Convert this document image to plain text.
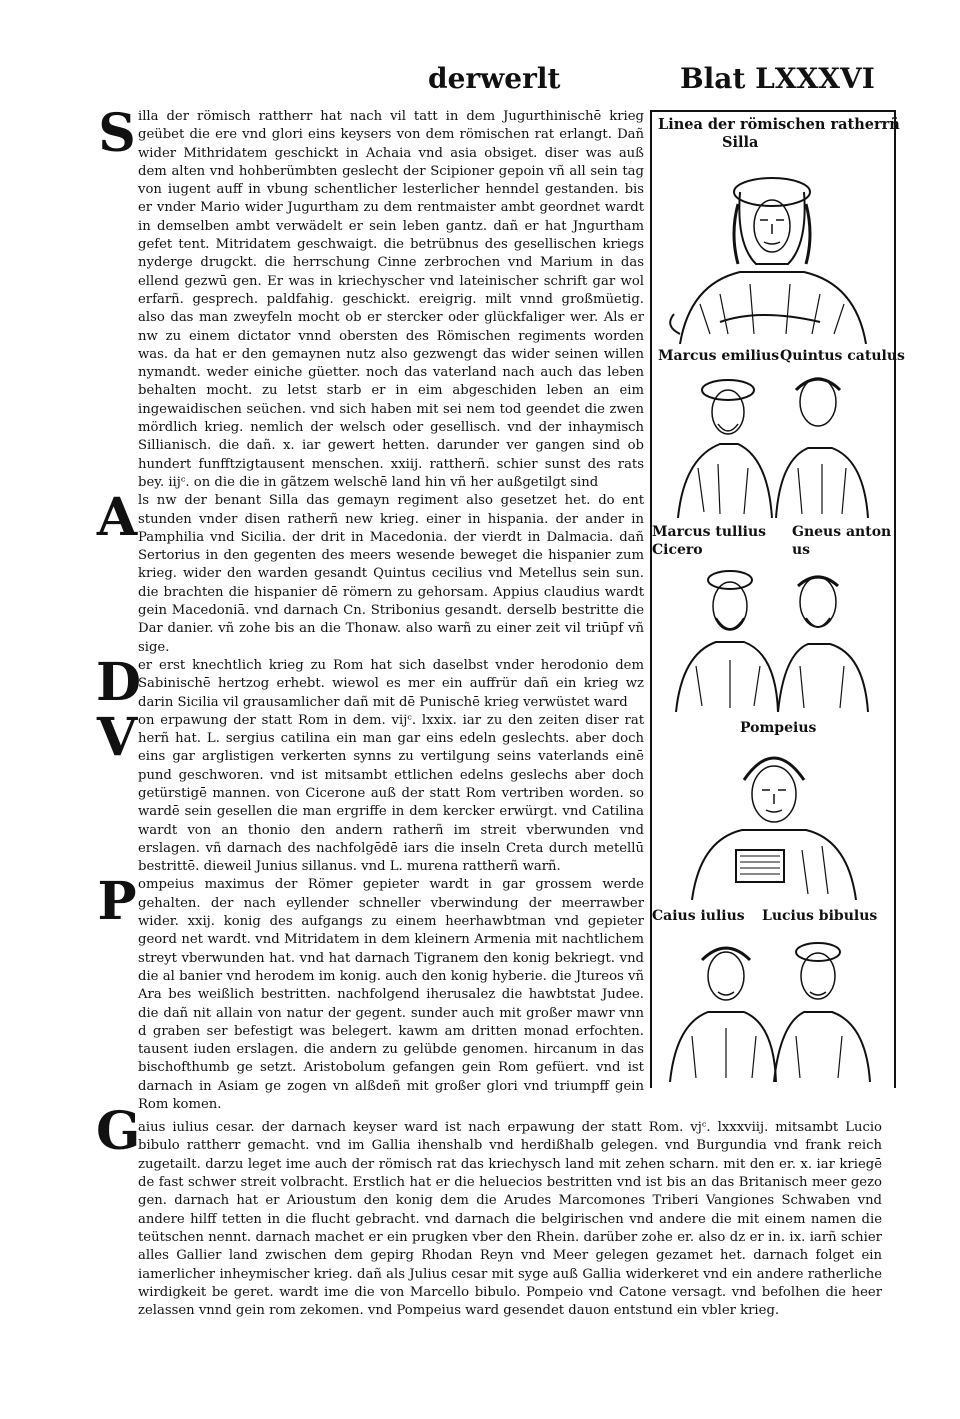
derwerlt	Blat LXXXVI
S illa der römisch rattherr hat nach vil tatt in dem Jugurthinischē krieg geübet die ere vnd glori eins keysers von dem römischen rat erlangt. Dañ wider Mithridatem geschickt in Achaia vnd asia obsiget. diser was auß dem alten vnd hohberümbten geslecht der Scipioner gepoin vñ all sein tag von iugent auff in vbung schentlicher lesterlicher henndel gestanden. bis er vnder Mario wider Jugurtham zu dem rentmaister ambt geordnet wardt in demselben ambt verwädelt er sein leben gantz. dañ er hat Jngurtham gefet tent. Mitridatem geschwaigt. die betrübnus des gesellischen kriegs nyderge drugckt. die herrschung Cinne zerbrochen vnd Marium in das ellend gezwū gen. Er was in kriechyscher vnd lateinischer schrift gar wol erfarñ. gesprech. paldfahig. geschickt. ereigrig. milt vnnd großmüetig. also das man zweyfeln mocht ob er stercker oder glückfaliger wer. Als er nw zu einem dictator vnnd obersten des Römischen regiments worden was. da hat er den gemaynen nutz also gezwengt das wider seinen willen nymandt. weder einiche güetter. noch das vaterland nach auch das leben behalten mocht. zu letst starb er in eim abgeschiden leben an eim ingewaidischen seüchen. vnd sich haben mit sei nem tod geendet die zwen mördlich krieg. nemlich der welsch oder gesellisch. vnd der inhaymisch Sillianisch. die dañ. x. iar gewert hetten. darunder ver gangen sind ob hundert funfftzigtausent menschen. xxiij. rattherñ. schier sunst des rats bey. iijᶜ. on die die in gãtzem welschē land hin vñ her außgetilgt sind

A ls nw der benant Silla das gemayn regiment also gesetzet het. do ent stunden vnder disen ratherñ new krieg. einer in hispania. der ander in Pamphilia vnd Sicilia. der drit in Macedonia. der vierdt in Dalmacia. dañ Sertorius in den gegenten des meers wesende beweget die hispanier zum krieg. wider den warden gesandt Quintus cecilius vnd Metellus sein sun. die brachten die hispanier dē römern zu gehorsam. Appius claudius wardt gein Macedoniā. vnd darnach Cn. Stribonius gesandt. derselb bestritte die Dar danier. vñ zohe bis an die Thonaw. also warñ zu einer zeit vil triūpf vñ sige.

D

er erst knechtlich krieg zu Rom hat sich daselbst vnder herodonio dem Sabinischē hertzog erhebt. wiewol es mer ein auffrür dañ ein krieg wz darin Sicilia vil grausamlicher dañ mit dē Punischē krieg verwüstet ward

V on erpawung der statt Rom in dem. vijᶜ. lxxix. iar zu den zeiten diser rat herñ hat. L. sergius catilina ein man gar eins edeln geslechts. aber doch eins gar arglistigen verkerten synns zu vertilgung seins vaterlands einē pund geschworen. vnd ist mitsambt ettlichen edelns geslechs aber doch getürstigē mannen. von Cicerone auß der statt Rom vertriben worden. so wardē sein gesellen die man ergriffe in dem kercker erwürgt. vnd Catilina wardt von an thonio den andern ratherñ im streit vberwunden vnd erslagen. vñ darnach des nachfolgēdē iars die inseln Creta durch metellū bestrittē. dieweil Junius sillanus. vnd L. murena rattherñ warñ.

P ompeius maximus der Römer gepieter wardt in gar grossem werde gehalten. der nach eyllender schneller vberwindung der meerrawber wider. xxij. konig des aufgangs zu einem heerhawbtman vnd gepieter geord net wardt. vnd Mitridatem in dem kleinern Armenia mit nachtlichem streyt vberwunden hat. vnd hat darnach Tigranem den konig bekriegt. vnd die al banier vnd herodem im konig. auch den konig hyberie. die Jtureos vñ Ara bes weißlich bestritten. nachfolgend iherusalez die hawbtstat Judee. die dañ nit allain von natur der gegent. sunder auch mit großer mawr vnn d graben ser befestigt was belegert. kawm am dritten monad erfochten. tausent iuden erslagen. die andern zu gelübde genomen. hircanum in das bischofthumb ge setzt. Aristobolum gefangen gein Rom gefüert. vnd ist darnach in Asiam ge zogen vn alßdeñ mit großer glori vnd triumpff gein Rom komen.

Linea der römischen ratherrñ
Silla
Marcus emilius Quintus catulus
Marcus tullius
Cicero
Gneus anton
us
Pompeius
Caius iulius Lucius bibulus
G

aius iulius cesar. der darnach keyser ward ist nach erpawung der statt Rom. vjᶜ. lxxxviij. mitsambt Lucio bibulo rattherr gemacht. vnd im Gallia ihenshalb vnd herdißhalb gelegen. vnd Burgundia vnd frank reich zugetailt. darzu leget ime auch der römisch rat das kriechysch land mit zehen scharn. mit den er. x. iar kriegē de fast schwer streit volbracht. Erstlich hat er die heluecios bestritten vnd ist bis an das Britanisch meer gezo gen. darnach hat er Arioustum den konig dem die Arudes Marcomones Triberi Vangiones Schwaben vnd andere hilff tetten in die flucht gebracht. vnd darnach die belgirischen vnd andere die mit einem namen die teütschen nennt. darnach machet er ein prugken vber den Rhein. darüber zohe er. also dz er in. ix. iarñ schier alles Gallier land zwischen dem gepirg Rhodan Reyn vnd Meer gelegen gezamet het. darnach folget ein iamerlicher inheymischer krieg. dañ als Julius cesar mit syge auß Gallia widerkeret vnd ein andere ratherliche wirdigkeit be geret. wardt ime die von Marcello bibulo. Pompeio vnd Catone versagt. vnd befolhen die heer zelassen vnnd gein rom zekomen. vnd Pompeius ward gesendet dauon entstund ein vbler krieg.
